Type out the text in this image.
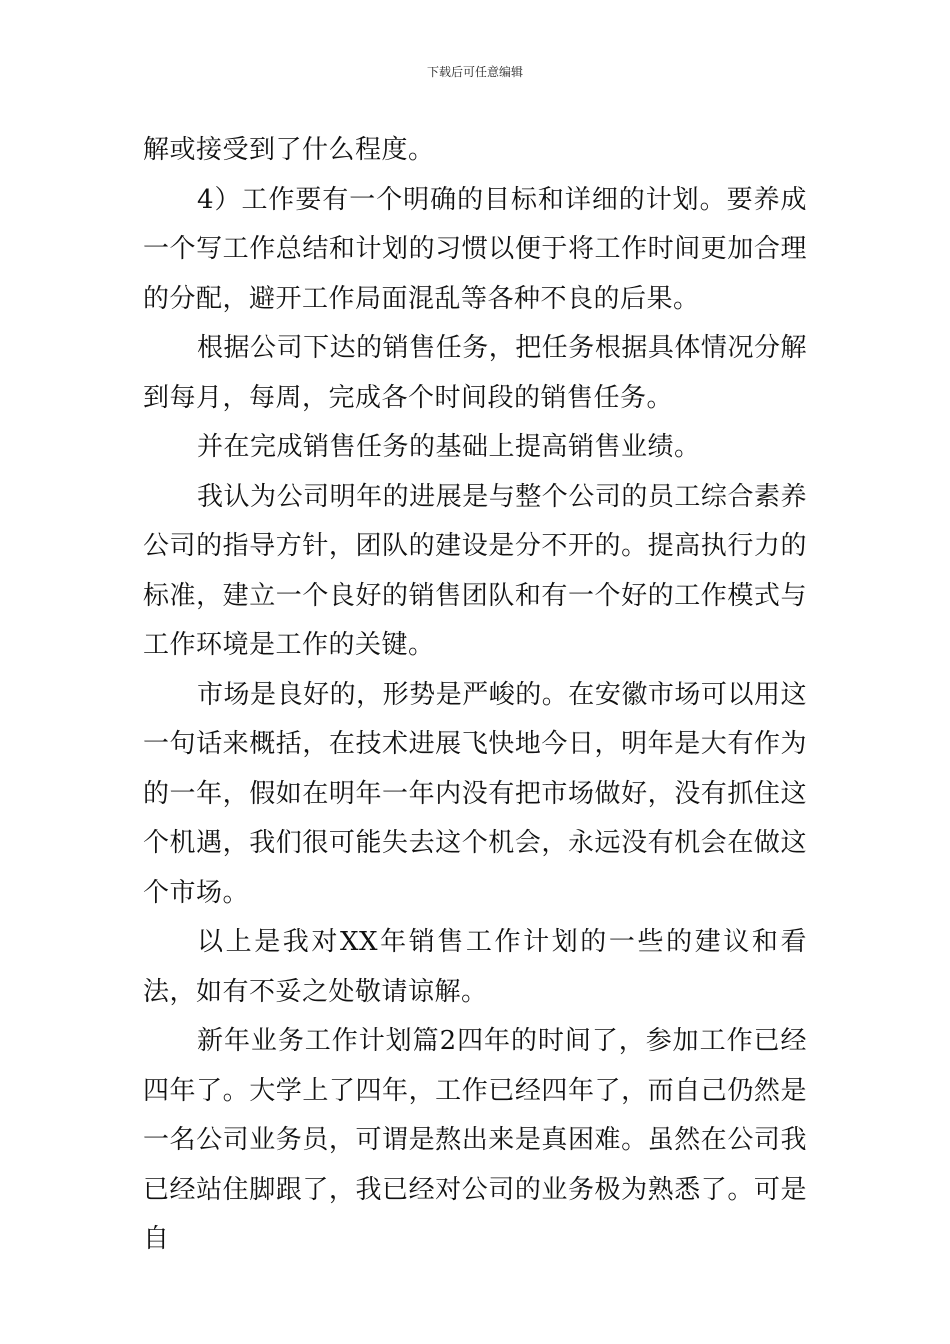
下载后可任意编辑

解或接受到了什么程度。

4）工作要有一个明确的目标和详细的计划。要养成一个写工作总结和计划的习惯以便于将工作时间更加合理的分配，避开工作局面混乱等各种不良的后果。

根据公司下达的销售任务，把任务根据具体情况分解到每月，每周，完成各个时间段的销售任务。

并在完成销售任务的基础上提高销售业绩。

我认为公司明年的进展是与整个公司的员工综合素养公司的指导方针，团队的建设是分不开的。提高执行力的标准，建立一个良好的销售团队和有一个好的工作模式与工作环境是工作的关键。

市场是良好的，形势是严峻的。在安徽市场可以用这一句话来概括，在技术进展飞快地今日，明年是大有作为的一年，假如在明年一年内没有把市场做好，没有抓住这个机遇，我们很可能失去这个机会，永远没有机会在做这个市场。

以上是我对XX年销售工作计划的一些的建议和看法，如有不妥之处敬请谅解。

新年业务工作计划篇2四年的时间了，参加工作已经四年了。大学上了四年，工作已经四年了，而自己仍然是一名公司业务员，可谓是熬出来是真困难。虽然在公司我已经站住脚跟了，我已经对公司的业务极为熟悉了。可是自
